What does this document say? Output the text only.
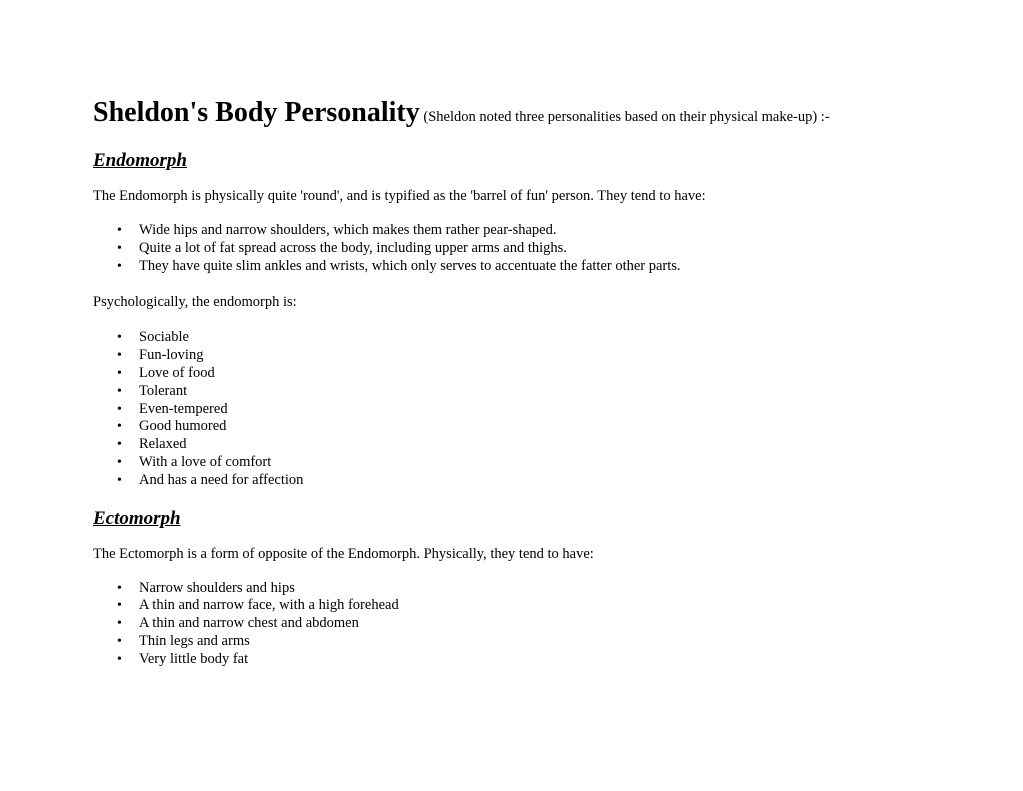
Sheldon's Body Personality (Sheldon noted three personalities based on their physical make-up) :-
Endomorph

The Endomorph is physically quite 'round', and is typified as the 'barrel of fun' person. They tend to have:

• Wide hips and narrow shoulders, which makes them rather pear-shaped.
• Quite a lot of fat spread across the body, including upper arms and thighs.
• They have quite slim ankles and wrists, which only serves to accentuate the fatter other parts.

Psychologically, the endomorph is:

• Sociable
• Fun-loving
• Love of food
• Tolerant
• Even-tempered
• Good humored
• Relaxed
• With a love of comfort
• And has a need for affection
Ectomorph

The Ectomorph is a form of opposite of the Endomorph. Physically, they tend to have:

• Narrow shoulders and hips
• A thin and narrow face, with a high forehead
• A thin and narrow chest and abdomen
• Thin legs and arms
• Very little body fat
